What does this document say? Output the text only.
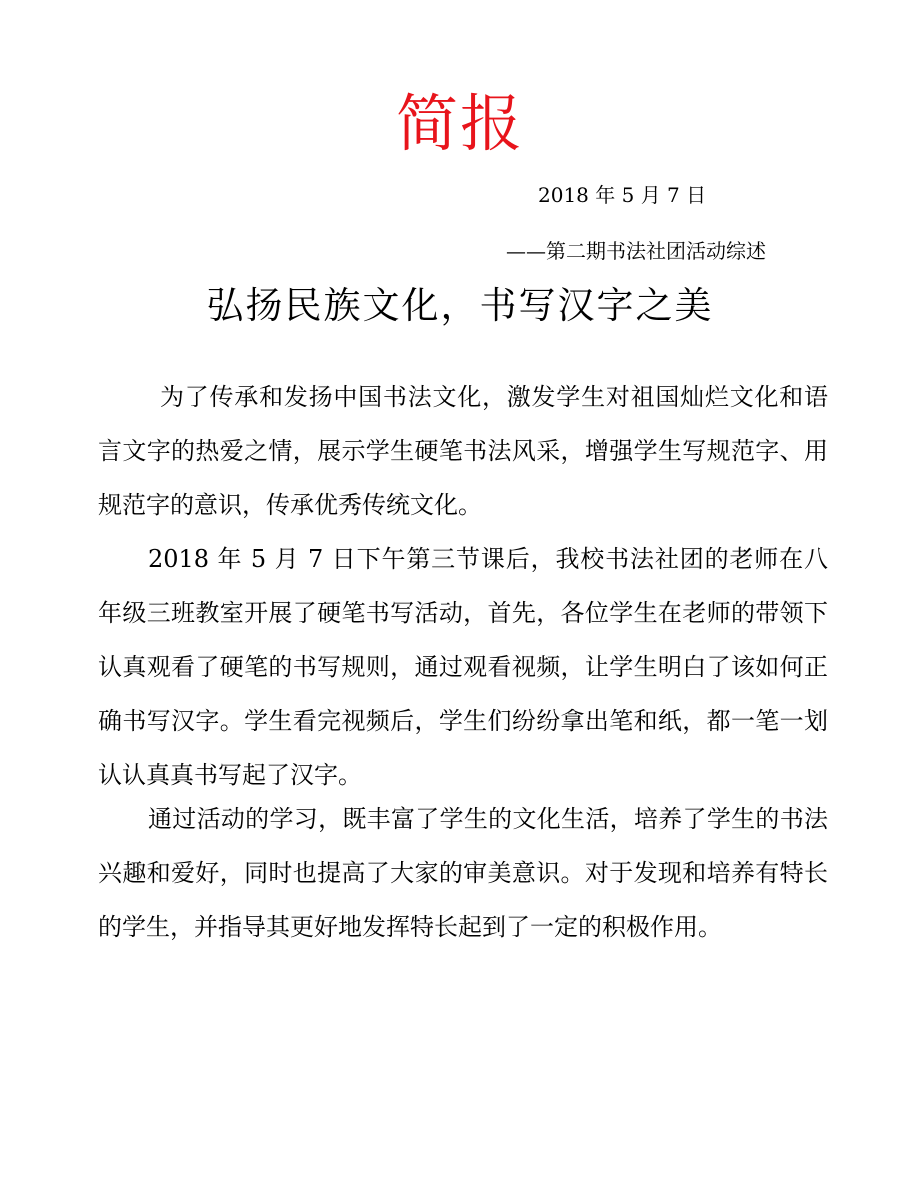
简报
2018 年 5 月 7 日
——第二期书法社团活动综述
弘扬民族文化，书写汉字之美

为了传承和发扬中国书法文化，激发学生对祖国灿烂文化和语言文字的热爱之情，展示学生硬笔书法风采，增强学生写规范字、用规范字的意识，传承优秀传统文化。

2018 年 5 月 7 日下午第三节课后，我校书法社团的老师在八年级三班教室开展了硬笔书写活动，首先，各位学生在老师的带领下认真观看了硬笔的书写规则，通过观看视频，让学生明白了该如何正确书写汉字。学生看完视频后，学生们纷纷拿出笔和纸，都一笔一划认认真真书写起了汉字。

通过活动的学习，既丰富了学生的文化生活，培养了学生的书法兴趣和爱好，同时也提高了大家的审美意识。对于发现和培养有特长的学生，并指导其更好地发挥特长起到了一定的积极作用。
